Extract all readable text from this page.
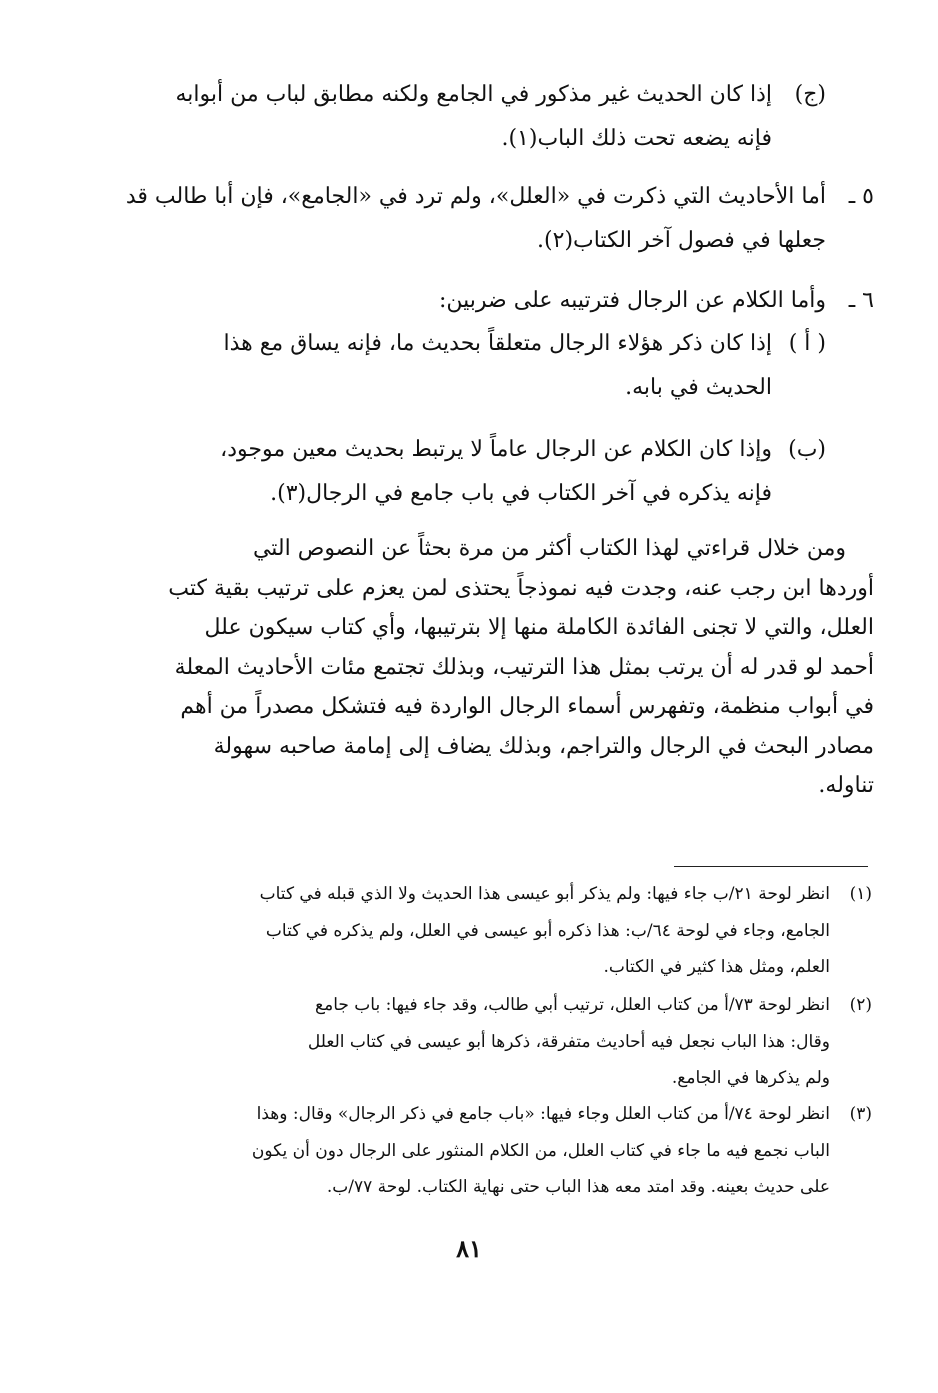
(ج)
إذا كان الحديث غير مذكور في الجامع ولكنه مطابق لباب من أبوابه
فإنه يضعه تحت ذلك الباب(١).
٥ ـ
أما الأحاديث التي ذكرت في «العلل»، ولم ترد في «الجامع»، فإن أبا طالب قد
جعلها في فصول آخر الكتاب(٢).
٦ ـ
وأما الكلام عن الرجال فترتيبه على ضربين:
( أ )
إذا كان ذكر هؤلاء الرجال متعلقاً بحديث ما، فإنه يساق مع هذا
الحديث في بابه.
(ب)
وإذا كان الكلام عن الرجال عاماً لا يرتبط بحديث معين موجود،
فإنه يذكره في آخر الكتاب في باب جامع في الرجال(٣).
ومن خلال قراءتي لهذا الكتاب أكثر من مرة بحثاً عن النصوص التي
أوردها ابن رجب عنه، وجدت فيه نموذجاً يحتذى لمن يعزم على ترتيب بقية كتب
العلل، والتي لا تجنى الفائدة الكاملة منها إلا بترتيبها، وأي كتاب سيكون علل
أحمد لو قدر له أن يرتب بمثل هذا الترتيب، وبذلك تجتمع مئات الأحاديث المعلة
في أبواب منظمة، وتفهرس أسماء الرجال الواردة فيه فتشكل مصدراً من أهم
مصادر البحث في الرجال والتراجم، وبذلك يضاف إلى إمامة صاحبه سهولة
تناوله.
(١)
انظر لوحة ٢١/ب جاء فيها: ولم يذكر أبو عيسى هذا الحديث ولا الذي قبله في كتاب
الجامع، وجاء في لوحة ٦٤/ب: هذا ذكره أبو عيسى في العلل، ولم يذكره في كتاب
العلم، ومثل هذا كثير في الكتاب.
(٢)
انظر لوحة ٧٣/أ من كتاب العلل، ترتيب أبي طالب، وقد جاء فيها: باب جامع
وقال: هذا الباب نجعل فيه أحاديث متفرقة، ذكرها أبو عيسى في كتاب العلل
ولم يذكرها في الجامع.
(٣)
انظر لوحة ٧٤/أ من كتاب العلل وجاء فيها: «باب جامع في ذكر الرجال» وقال: وهذا
الباب نجمع فيه ما جاء في كتاب العلل، من الكلام المنثور على الرجال دون أن يكون
على حديث بعينه. وقد امتد معه هذا الباب حتى نهاية الكتاب. لوحة ٧٧/ب.
٨١
